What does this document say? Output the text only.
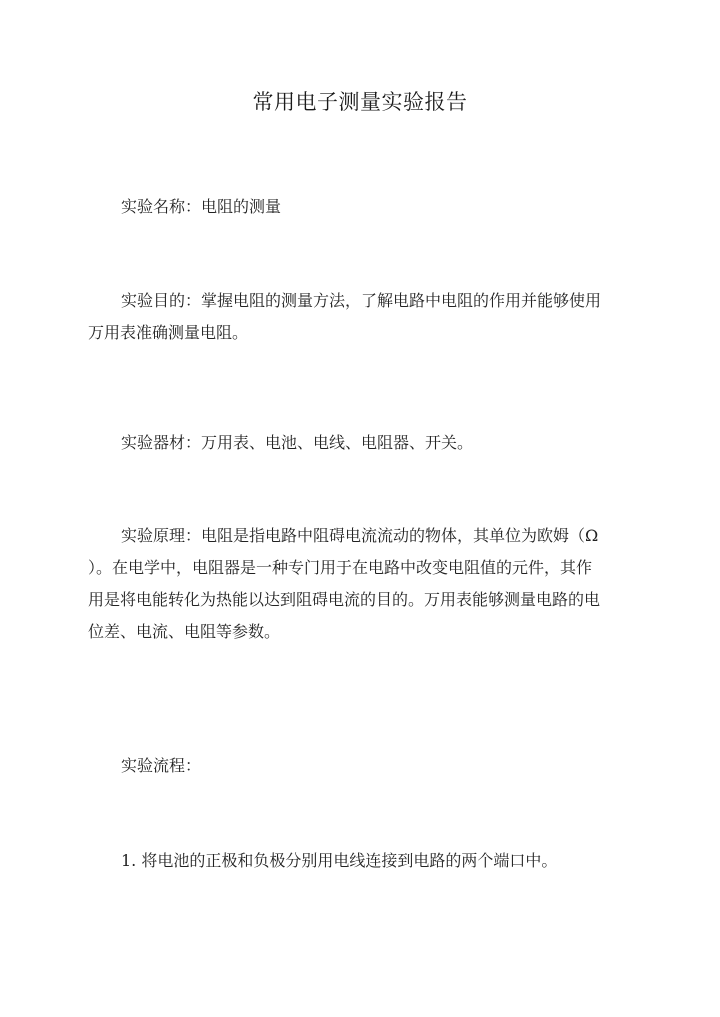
常用电子测量实验报告
实验名称：电阻的测量
实验目的：掌握电阻的测量方法，了解电路中电阻的作用并能够使用
万用表准确测量电阻。
实验器材：万用表、电池、电线、电阻器、开关。
实验原理：电阻是指电路中阻碍电流流动的物体，其单位为欧姆（Ω
）。在电学中，电阻器是一种专门用于在电路中改变电阻值的元件，其作
用是将电能转化为热能以达到阻碍电流的目的。万用表能够测量电路的电
位差、电流、电阻等参数。
实验流程：
1. 将电池的正极和负极分别用电线连接到电路的两个端口中。
